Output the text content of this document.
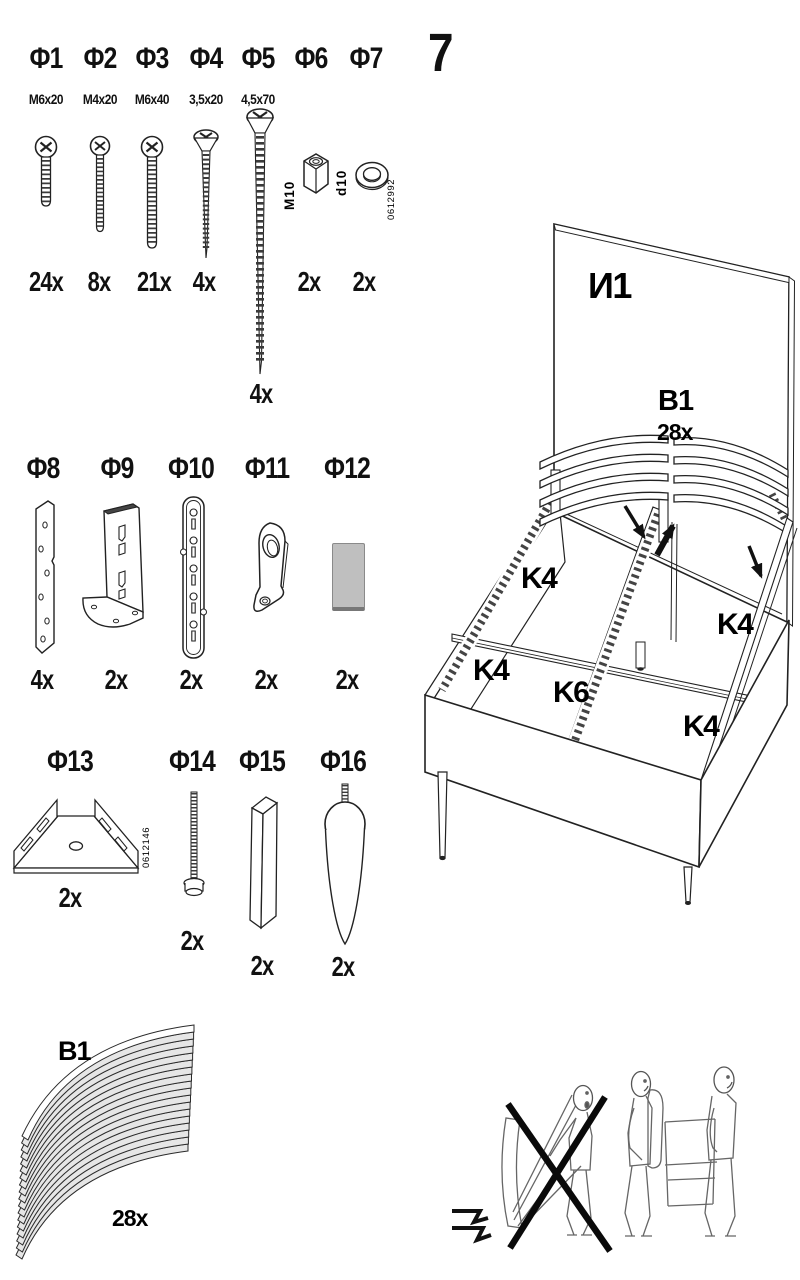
7
Ф1 Ф2 Ф3 Ф4 Ф5 Ф6 Ф7
M6x20	M4x20	M6x40	3,5x20	4,5x70
24x 8x 21x 4x
4x
2x	2x
M10	d10	0612992
Ф8	Ф9	Ф10 Ф11 Ф12
4x	2x	2x	2x	2x
Ф13	Ф14 Ф15 Ф16
2x
2x
2x	2x
0612146
B1
28x
И1
B1
28x
K4
K4
K4
K4
K6
